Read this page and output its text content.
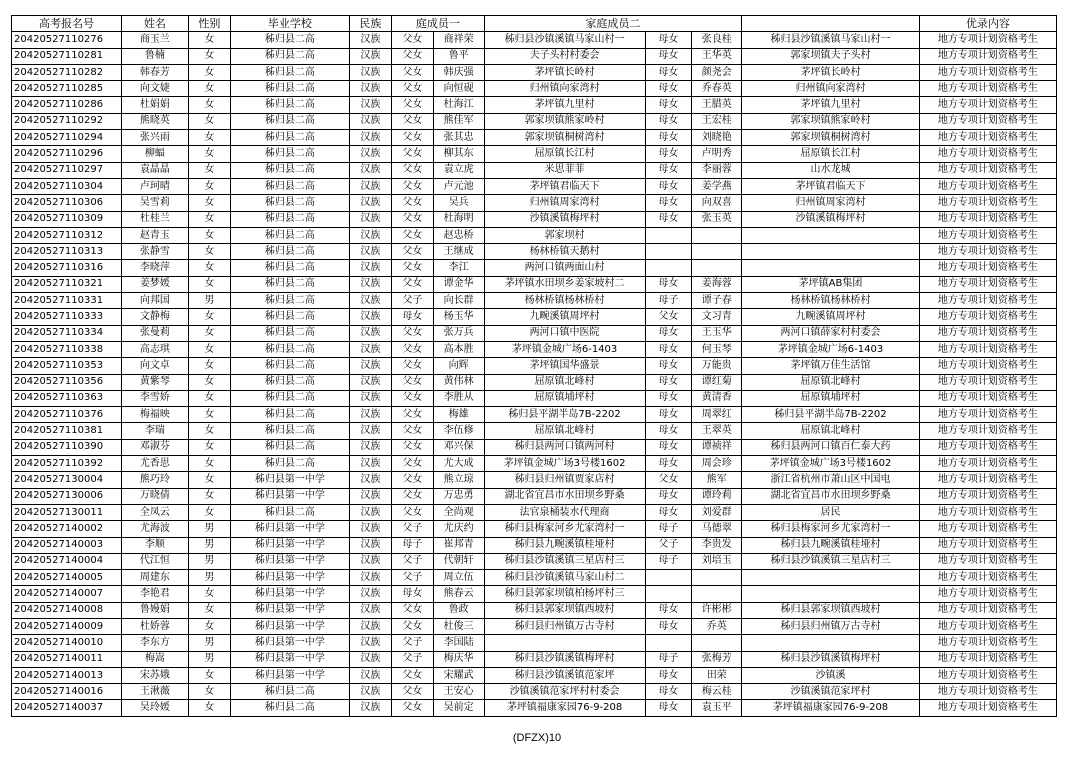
高考报名号	姓名	性别	毕业学校	民族	庭成员一		家庭成员二				优录内容
20420527110276	商玉兰	女	秭归县二高	汉族	父女	商祥荣	秭归县沙镇溪镇马家山村一	母女	张良桂	秭归县沙镇溪镇马家山村一	地方专项计划资格考生
20420527110281	鲁楠	女	秭归县二高	汉族	父女	鲁平	夫子头村村委会	母女	王华英	郭家坝镇夫子头村	地方专项计划资格考生
20420527110282	韩春芳	女	秭归县二高	汉族	父女	韩庆强	茅坪镇长岭村	母女	颜尧会	茅坪镇长岭村	地方专项计划资格考生
20420527110285	向文婕	女	秭归县二高	汉族	父女	向恒砚	归州镇向家湾村	母女	乔春英	归州镇向家湾村	地方专项计划资格考生
20420527110286	杜娟娟	女	秭归县二高	汉族	父女	杜海江	茅坪镇九里村	母女	王腊英	茅坪镇九里村	地方专项计划资格考生
20420527110292	熊晓英	女	秭归县二高	汉族	父女	熊佳军	郭家坝镇熊家岭村	母女	王宏桂	郭家坝镇熊家岭村	地方专项计划资格考生
20420527110294	张兴雨	女	秭归县二高	汉族	父女	张其忠	郭家坝镇桐树湾村	母女	刘晓艳	郭家坝镇桐树湾村	地方专项计划资格考生
20420527110296	柳蝠	女	秭归县二高	汉族	父女	柳其东	屈原镇长江村	母女	卢明秀	屈原镇长江村	地方专项计划资格考生
20420527110297	袁晶晶	女	秭归县二高	汉族	父女	袁立虎	米思菲菲	母女	李丽蓉	山水龙城	地方专项计划资格考生
20420527110304	卢珂晴	女	秭归县二高	汉族	父女	卢元池	茅坪镇君临天下	母女	姜学燕	茅坪镇君临天下	地方专项计划资格考生
20420527110306	吴雪莉	女	秭归县二高	汉族	父女	吴兵	归州镇周家湾村	母女	向双喜	归州镇周家湾村	地方专项计划资格考生
20420527110309	杜桂兰	女	秭归县二高	汉族	父女	杜海明	沙镇溪镇梅坪村	母女	张玉英	沙镇溪镇梅坪村	地方专项计划资格考生
20420527110312	赵青玉	女	秭归县二高	汉族	父女	赵忠桥	郭家坝村				地方专项计划资格考生
20420527110313	张静雪	女	秭归县二高	汉族	父女	王继成	杨林桥镇天鹅村				地方专项计划资格考生
20420527110316	李晓萍	女	秭归县二高	汉族	父女	李江	两河口镇两面山村				地方专项计划资格考生
20420527110321	姜梦媛	女	秭归县二高	汉族	父女	谭金华	茅坪镇水田坝乡姜家坡村二	母女	姜海蓉	茅坪镇AB集团	地方专项计划资格考生
20420527110331	向邦国	男	秭归县二高	汉族	父子	向长群	杨林桥镇杨林桥村	母子	谭子春	杨林桥镇杨林桥村	地方专项计划资格考生
20420527110333	文静梅	女	秭归县二高	汉族	母女	杨玉华	九畹溪镇周坪村	父女	文习青	九畹溪镇周坪村	地方专项计划资格考生
20420527110334	张曼莉	女	秭归县二高	汉族	父女	张万兵	两河口镇中医院	母女	王玉华	两河口镇薛家村村委会	地方专项计划资格考生
20420527110338	高志琪	女	秭归县二高	汉族	父女	高本胜	茅坪镇金城广场6-1403	母女	何玉琴	茅坪镇金城广场6-1403	地方专项计划资格考生
20420527110353	向文卓	女	秭归县二高	汉族	父女	向辉	茅坪镇国华盛景	母女	万能贵	茅坪镇万佳生活馆	地方专项计划资格考生
20420527110356	黄紫琴	女	秭归县二高	汉族	父女	黄伟林	屈原镇北峰村	母女	谭红菊	屈原镇北峰村	地方专项计划资格考生
20420527110363	李雪娇	女	秭归县二高	汉族	父女	李胜从	屈原镇埔坪村	母女	黄清香	屈原镇埔坪村	地方专项计划资格考生
20420527110376	梅福映	女	秭归县二高	汉族	父女	梅雄	秭归县平湖半岛7B-2202	母女	周翠红	秭归县平湖半岛7B-2202	地方专项计划资格考生
20420527110381	李瑞	女	秭归县二高	汉族	父女	李伍修	屈原镇北峰村	母女	王翠英	屈原镇北峰村	地方专项计划资格考生
20420527110390	邓淑芬	女	秭归县二高	汉族	父女	邓兴保	秭归县两河口镇两河村	母女	谭祯祥	秭归县两河口镇百仁泰大药	地方专项计划资格考生
20420527110392	尤香思	女	秭归县二高	汉族	父女	尤大成	茅坪镇金城广场3号楼1602	母女	周会珍	茅坪镇金城广场3号楼1602	地方专项计划资格考生
20420527130004	熊巧玲	女	秭归县第一中学	汉族	父女	熊立琼	秭归县归州镇贾家店村	父女	熊军	浙江省杭州市萧山区中国电	地方专项计划资格考生
20420527130006	万晓倩	女	秭归县第一中学	汉族	父女	万忠勇	湖北省宜昌市水田坝乡野桑	母女	谭玲莉	湖北省宜昌市水田坝乡野桑	地方专项计划资格考生
20420527130011	全凤云	女	秭归县二高	汉族	父女	全尚观	法官泉桶装水代理商	母女	刘爱群	居民	地方专项计划资格考生
20420527140002	尤海波	男	秭归县第一中学	汉族	父子	尤庆约	秭归县梅家河乡尤家湾村一	母子	马德翠	秭归县梅家河乡尤家湾村一	地方专项计划资格考生
20420527140003	李顺	男	秭归县第一中学	汉族	母子	崔邦青	秭归县九畹溪镇桂垭村	父子	李贵发	秭归县九畹溪镇桂垭村	地方专项计划资格考生
20420527140004	代江恒	男	秭归县第一中学	汉族	父子	代朝轩	秭归县沙镇溪镇三星店村三	母子	刘培玉	秭归县沙镇溪镇三星店村三	地方专项计划资格考生
20420527140005	周建东	男	秭归县第一中学	汉族	父子	周立伍	秭归县沙镇溪镇马家山村二				地方专项计划资格考生
20420527140007	李艳君	女	秭归县第一中学	汉族	母女	熊春云	秭归县郭家坝镇柏杨坪村三				地方专项计划资格考生
20420527140008	鲁嫚娟	女	秭归县第一中学	汉族	父女	鲁政	秭归县郭家坝镇西坡村	母女	许彬彬	秭归县郭家坝镇西坡村	地方专项计划资格考生
20420527140009	杜娇蓉	女	秭归县第一中学	汉族	父女	杜俊三	秭归县归州镇万古寺村	母女	乔英	秭归县归州镇万古寺村	地方专项计划资格考生
20420527140010	李东方	男	秭归县第一中学	汉族	父子	李国陆					地方专项计划资格考生
20420527140011	梅嵩	男	秭归县第一中学	汉族	父子	梅庆华	秭归县沙镇溪镇梅坪村	母子	张梅芳	秭归县沙镇溪镇梅坪村	地方专项计划资格考生
20420527140013	宋苏娥	女	秭归县第一中学	汉族	父女	宋耀武	秭归县沙镇溪镇范家坪	母女	田荣	沙镇溪	地方专项计划资格考生
20420527140016	王湫薇	女	秭归县二高	汉族	父女	王安心	沙镇溪镇范家坪村村委会	母女	梅云桂	沙镇溪镇范家坪村	地方专项计划资格考生
20420527140037	吴玲媛	女	秭归县二高	汉族	父女	吴前定	茅坪镇福康家园76-9-208	母女	袁玉平	茅坪镇福康家园76-9-208	地方专项计划资格考生
(DFZX)10
